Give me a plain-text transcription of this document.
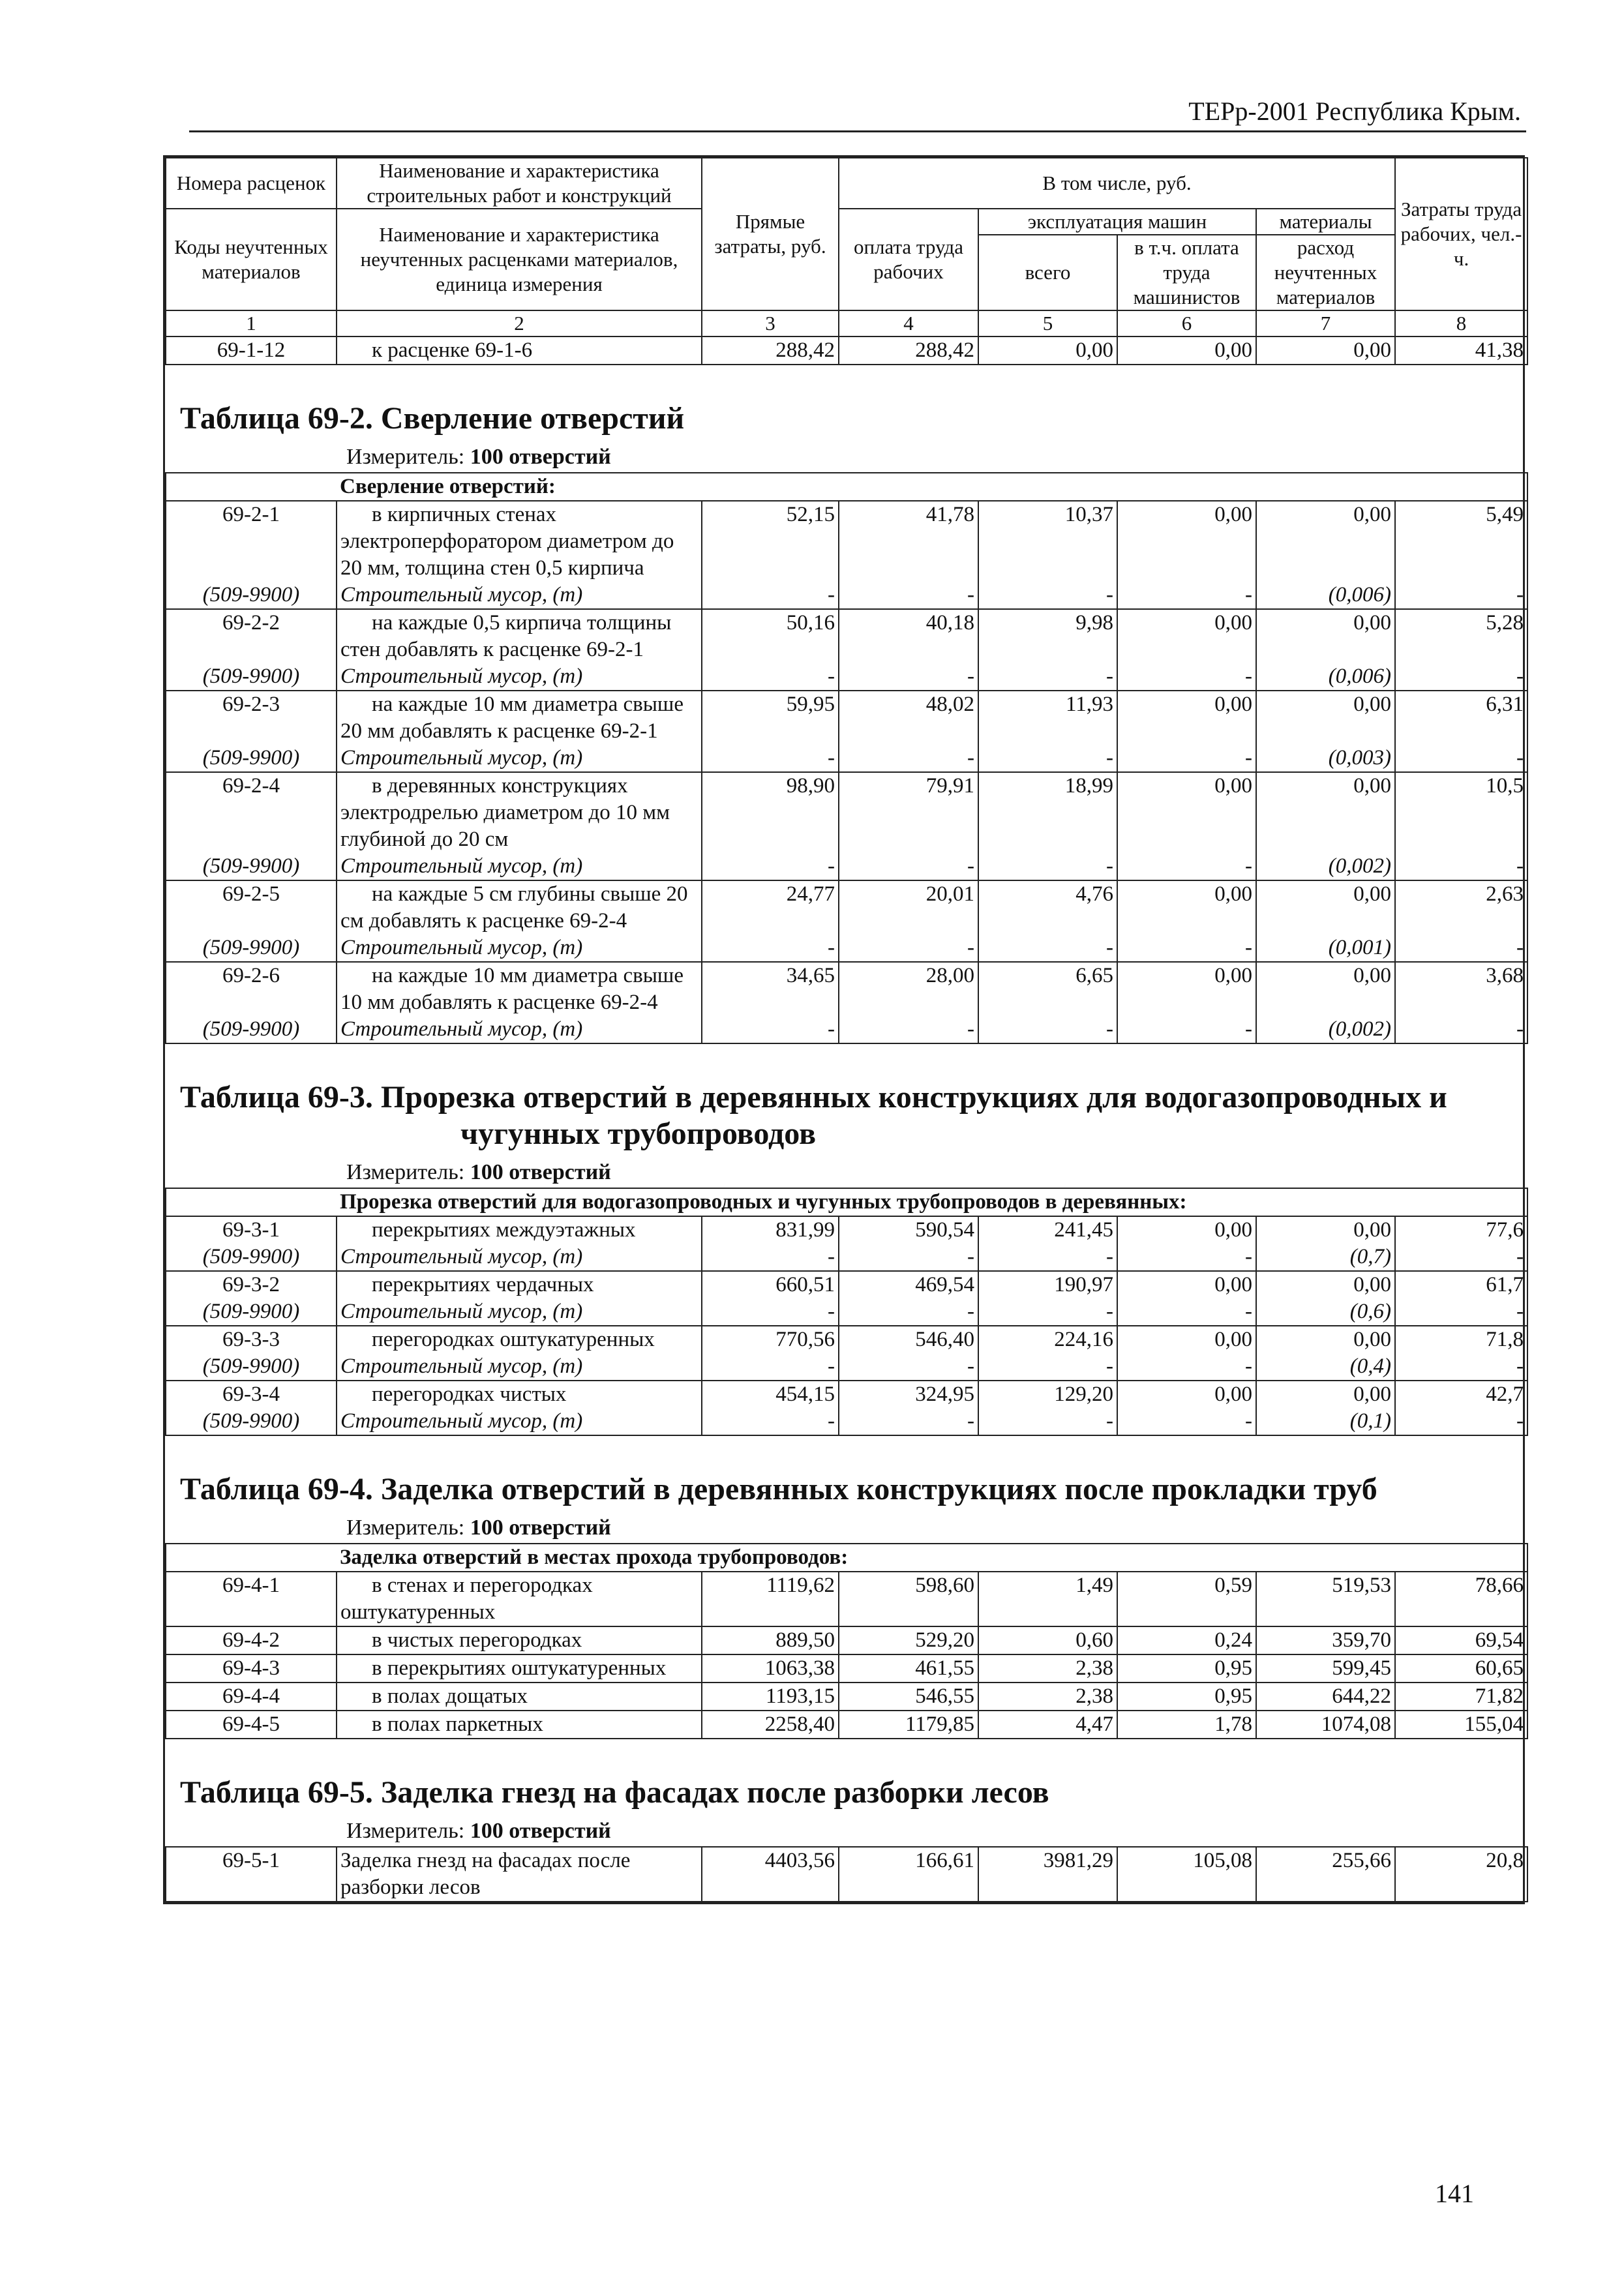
ТЕРр-2001 Республика Крым.
Номера расценок	Наименование и характеристика строительных работ и конструкций	Прямые затраты, руб.	В том числе, руб.				Затраты труда рабочих, чел.-ч.
Коды неучтенных материалов	Наименование и характеристика неучтенных расценками материалов, единица измерения		оплата труда рабочих	эксплуатация машин		материалы	
				всего	в т.ч. оплата труда машинистов	расход неучтенных материалов	
1	2	3	4	5	6	7	8
69-1-12	к расценке 69-1-6	288,42	288,42	0,00	0,00	0,00	41,38
Таблица 69-2. Сверление отверстий							
Измеритель: 100 отверстий							
	Сверление отверстий:						
69-2-1	в кирпичных стенах электроперфоратором диаметром до 20 мм, толщина стен 0,5 кирпича	52,15	41,78	10,37	0,00	0,00	5,49
(509-9900)	Строительный мусор, (т)	-	-	-	-	(0,006)	-
69-2-2	на каждые 0,5 кирпича толщины стен добавлять к расценке 69-2-1	50,16	40,18	9,98	0,00	0,00	5,28
(509-9900)	Строительный мусор, (т)	-	-	-	-	(0,006)	-
69-2-3	на каждые 10 мм диаметра свыше 20 мм добавлять к расценке 69-2-1	59,95	48,02	11,93	0,00	0,00	6,31
(509-9900)	Строительный мусор, (т)	-	-	-	-	(0,003)	-
69-2-4	в деревянных конструкциях электродрелью диаметром до 10 мм глубиной до 20 см	98,90	79,91	18,99	0,00	0,00	10,5
(509-9900)	Строительный мусор, (т)	-	-	-	-	(0,002)	-
69-2-5	на каждые 5 см глубины свыше 20 см добавлять к расценке 69-2-4	24,77	20,01	4,76	0,00	0,00	2,63
(509-9900)	Строительный мусор, (т)	-	-	-	-	(0,001)	-
69-2-6	на каждые 10 мм диаметра свыше 10 мм добавлять к расценке 69-2-4	34,65	28,00	6,65	0,00	0,00	3,68
(509-9900)	Строительный мусор, (т)	-	-	-	-	(0,002)	-
Таблица 69-3. Прорезка отверстий в деревянных конструкциях для водогазопроводных и
чугунных трубопроводов							

Измеритель: 100 отверстий							
	Прорезка отверстий для водогазопроводных и чугунных трубопроводов в деревянных:						
69-3-1	перекрытиях междуэтажных	831,99	590,54	241,45	0,00	0,00	77,6
(509-9900)	Строительный мусор, (т)	-	-	-	-	(0,7)	-
69-3-2	перекрытиях чердачных	660,51	469,54	190,97	0,00	0,00	61,7
(509-9900)	Строительный мусор, (т)	-	-	-	-	(0,6)	-
69-3-3	перегородках оштукатуренных	770,56	546,40	224,16	0,00	0,00	71,8
(509-9900)	Строительный мусор, (т)	-	-	-	-	(0,4)	-
69-3-4	перегородках чистых	454,15	324,95	129,20	0,00	0,00	42,7
(509-9900)	Строительный мусор, (т)	-	-	-	-	(0,1)	-
Таблица 69-4. Заделка отверстий в деревянных конструкциях после прокладки труб							
Измеритель: 100 отверстий							
	Заделка отверстий в местах прохода трубопроводов:						
69-4-1	в стенах и перегородках оштукатуренных	1119,62	598,60	1,49	0,59	519,53	78,66
69-4-2	в чистых перегородках	889,50	529,20	0,60	0,24	359,70	69,54
69-4-3	в перекрытиях оштукатуренных	1063,38	461,55	2,38	0,95	599,45	60,65
69-4-4	в полах дощатых	1193,15	546,55	2,38	0,95	644,22	71,82
69-4-5	в полах паркетных	2258,40	1179,85	4,47	1,78	1074,08	155,04
Таблица 69-5. Заделка гнезд на фасадах после разборки лесов							
Измеритель: 100 отверстий							
69-5-1	Заделка гнезд на фасадах после разборки лесов	4403,56	166,61	3981,29	105,08	255,66	20,8
141
